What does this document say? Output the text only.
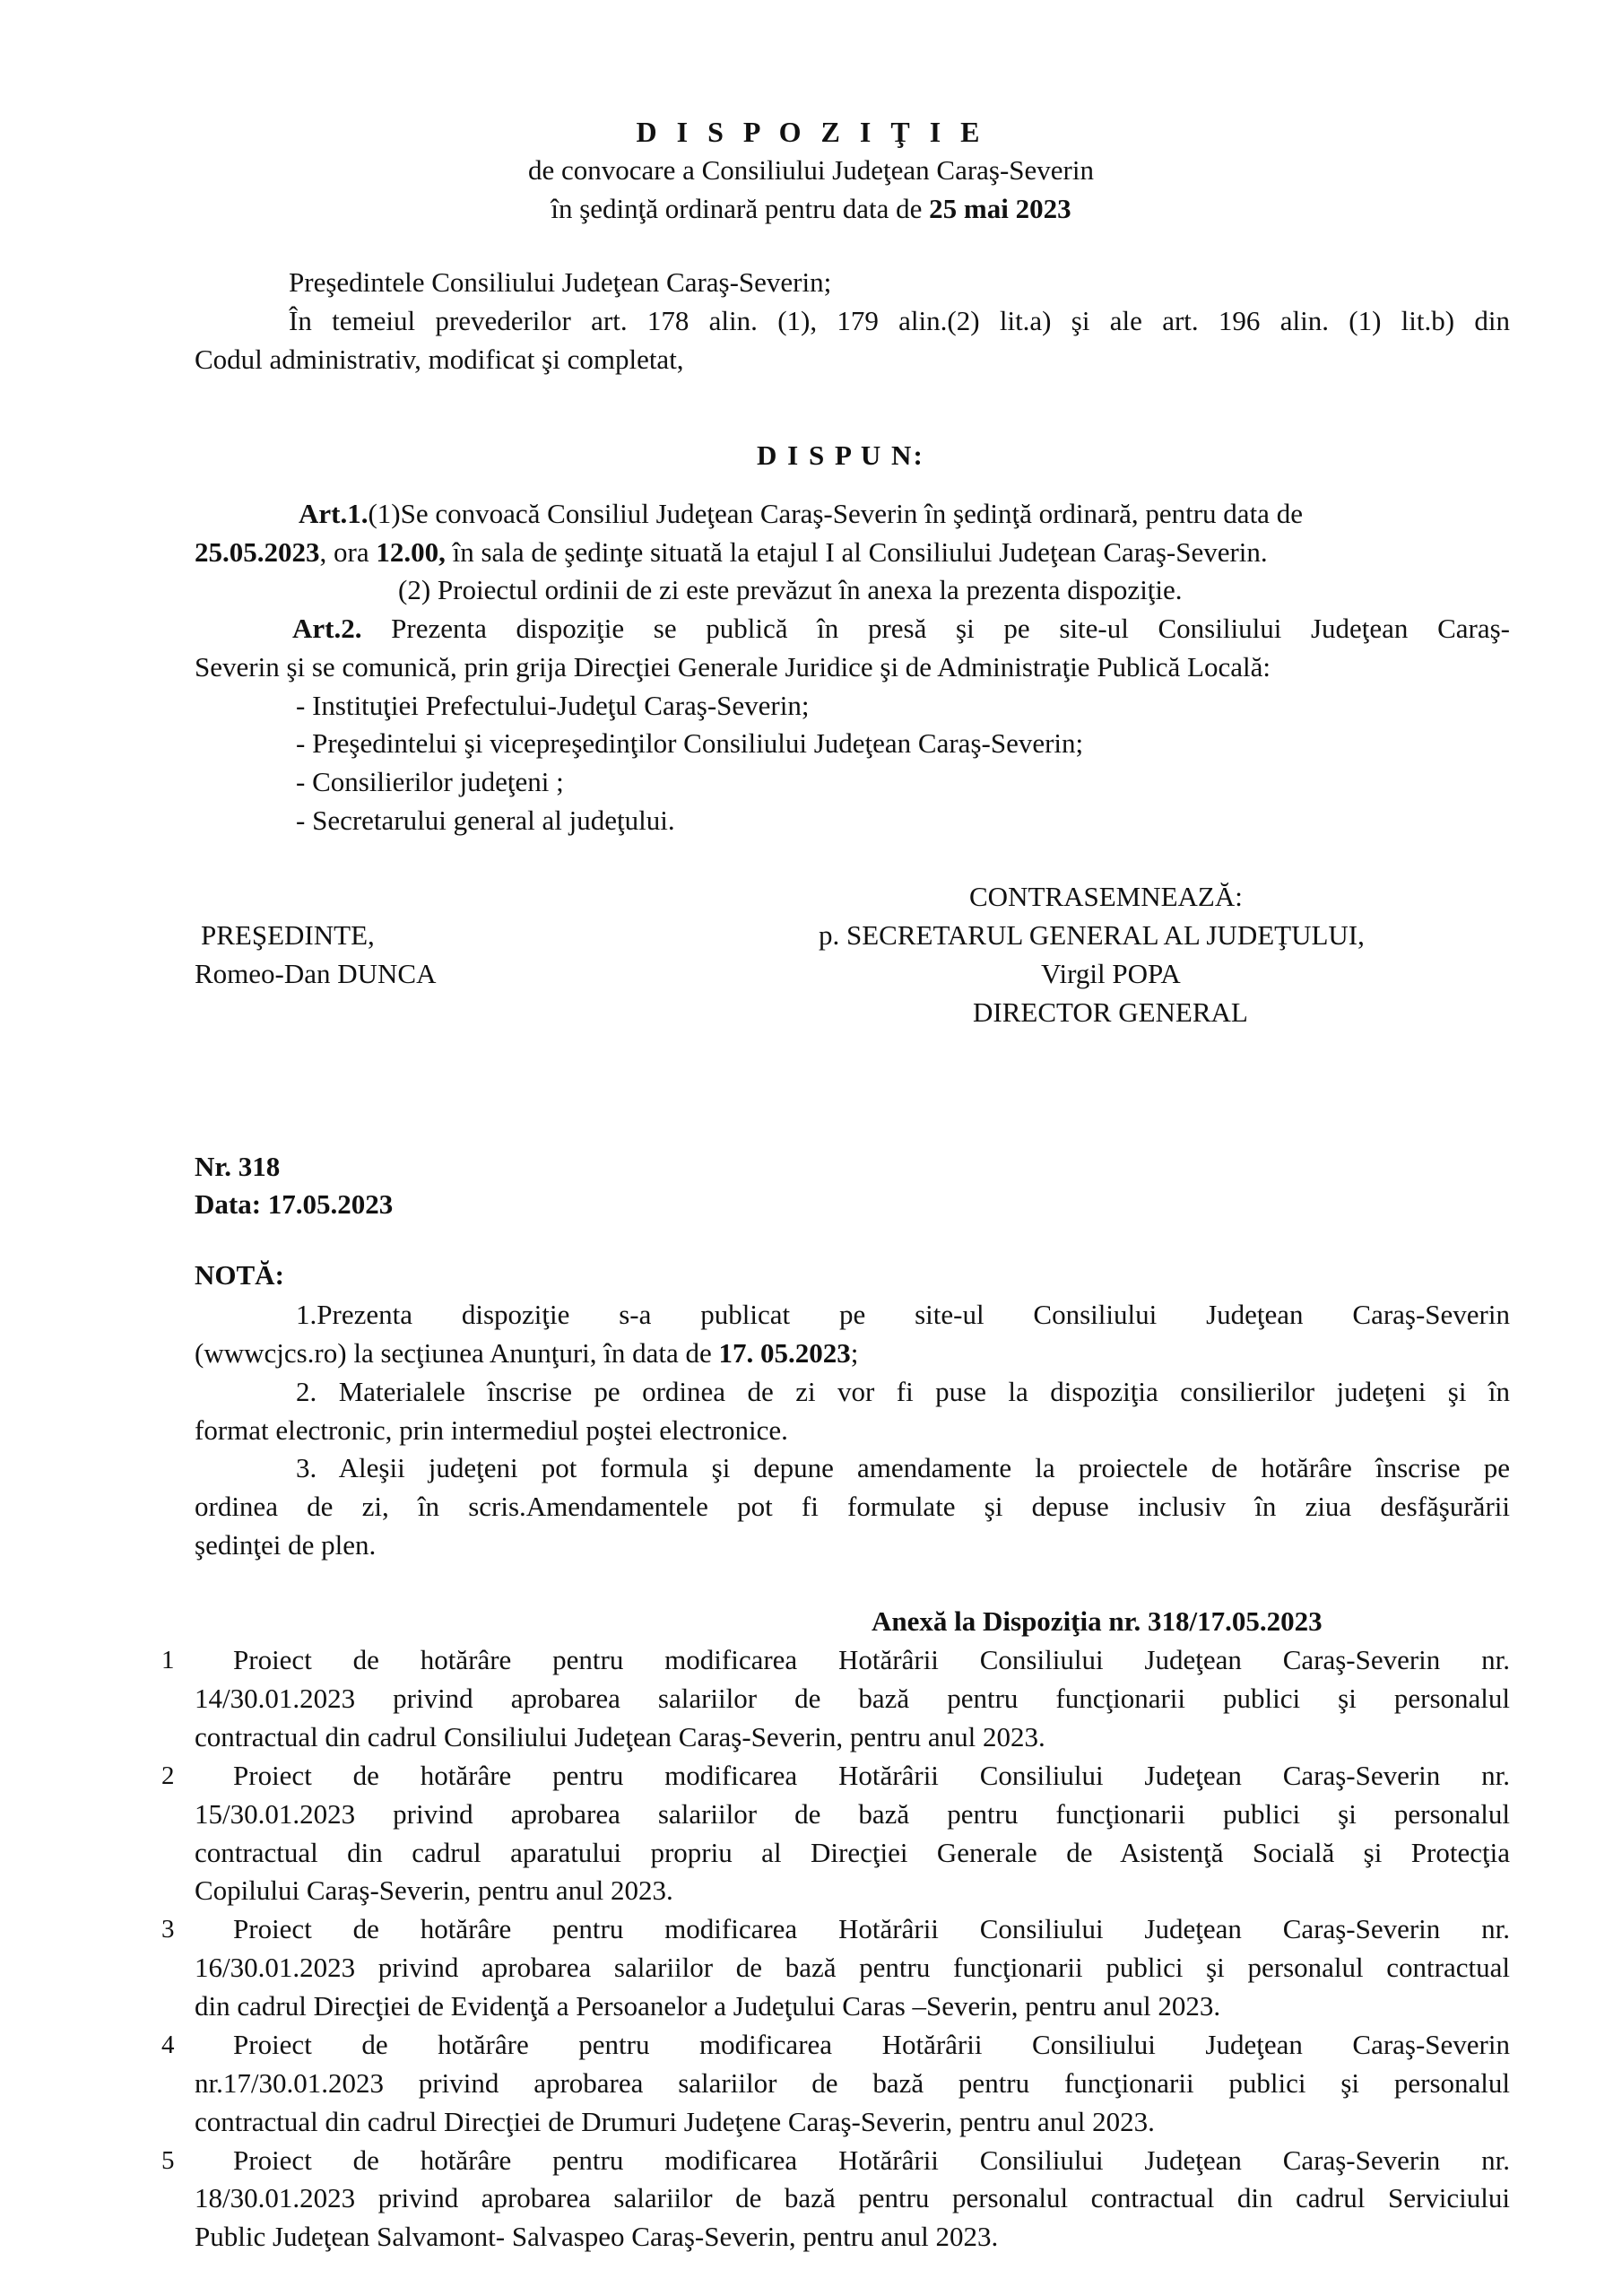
D I S P O Z I Ţ I E
de convocare a Consiliului Judeţean Caraş-Severin
în şedinţă ordinară pentru data de 25 mai 2023
Preşedintele Consiliului Judeţean Caraş-Severin;
În temeiul prevederilor art. 178 alin. (1), 179 alin.(2) lit.a) şi ale art. 196 alin. (1) lit.b) din
Codul administrativ, modificat şi completat,
D I S P U N:
Art.1.(1)Se convoacă Consiliul Judeţean Caraş-Severin în şedinţă ordinară, pentru data de
25.05.2023, ora 12.00, în sala de şedinţe situată la etajul I al Consiliului Judeţean Caraş-Severin.
(2) Proiectul ordinii de zi este prevăzut în anexa la prezenta dispoziţie.
Art.2. Prezenta dispoziţie se publică în presă şi pe site-ul Consiliului Judeţean Caraş-
Severin şi se comunică, prin grija Direcţiei Generale Juridice şi de Administraţie Publică Locală:
- Instituţiei Prefectului-Judeţul Caraş-Severin;
- Preşedintelui şi vicepreşedinţilor Consiliului Judeţean Caraş-Severin;
- Consilierilor judeţeni ;
- Secretarului general al judeţului.
CONTRASEMNEAZĂ:
PREŞEDINTE,	p. SECRETARUL GENERAL AL JUDEŢULUI,
Romeo-Dan DUNCA	Virgil POPA
DIRECTOR GENERAL
Nr. 318
Data: 17.05.2023
NOTĂ:
1.Prezenta dispoziţie s-a publicat pe site-ul Consiliului Judeţean Caraş-Severin
(wwwcjcs.ro) la secţiunea Anunţuri, în data de 17. 05.2023;
2. Materialele înscrise pe ordinea de zi vor fi puse la dispoziţia consilierilor judeţeni şi în
format electronic, prin intermediul poştei electronice.
3. Aleşii judeţeni pot formula şi depune amendamente la proiectele de hotărâre înscrise pe
ordinea de zi, în scris.Amendamentele pot fi formulate şi depuse inclusiv în ziua desfăşurării
şedinţei de plen.
Anexă la Dispoziţia nr. 318/17.05.2023
1 Proiect de hotărâre pentru modificarea Hotărârii Consiliului Judeţean Caraş-Severin nr.
14/30.01.2023 privind aprobarea salariilor de bază pentru funcţionarii publici şi personalul
contractual din cadrul Consiliului Judeţean Caraş-Severin, pentru anul 2023.
2 Proiect de hotărâre pentru modificarea Hotărârii Consiliului Judeţean Caraş-Severin nr.
15/30.01.2023 privind aprobarea salariilor de bază pentru funcţionarii publici şi personalul
contractual din cadrul aparatului propriu al Direcţiei Generale de Asistenţă Socială şi Protecţia
Copilului Caraş-Severin, pentru anul 2023.
3 Proiect de hotărâre pentru modificarea Hotărârii Consiliului Judeţean Caraş-Severin nr.
16/30.01.2023 privind aprobarea salariilor de bază pentru funcţionarii publici şi personalul contractual
din cadrul Direcţiei de Evidenţă a Persoanelor a Judeţului Caras –Severin, pentru anul 2023.
4 Proiect de hotărâre pentru modificarea Hotărârii Consiliului Judeţean Caraş-Severin
nr.17/30.01.2023 privind aprobarea salariilor de bază pentru funcţionarii publici şi personalul
contractual din cadrul Direcţiei de Drumuri Judeţene Caraş-Severin, pentru anul 2023.
5 Proiect de hotărâre pentru modificarea Hotărârii Consiliului Judeţean Caraş-Severin nr.
18/30.01.2023 privind aprobarea salariilor de bază pentru personalul contractual din cadrul Serviciului
Public Judeţean Salvamont- Salvaspeo Caraş-Severin, pentru anul 2023.
